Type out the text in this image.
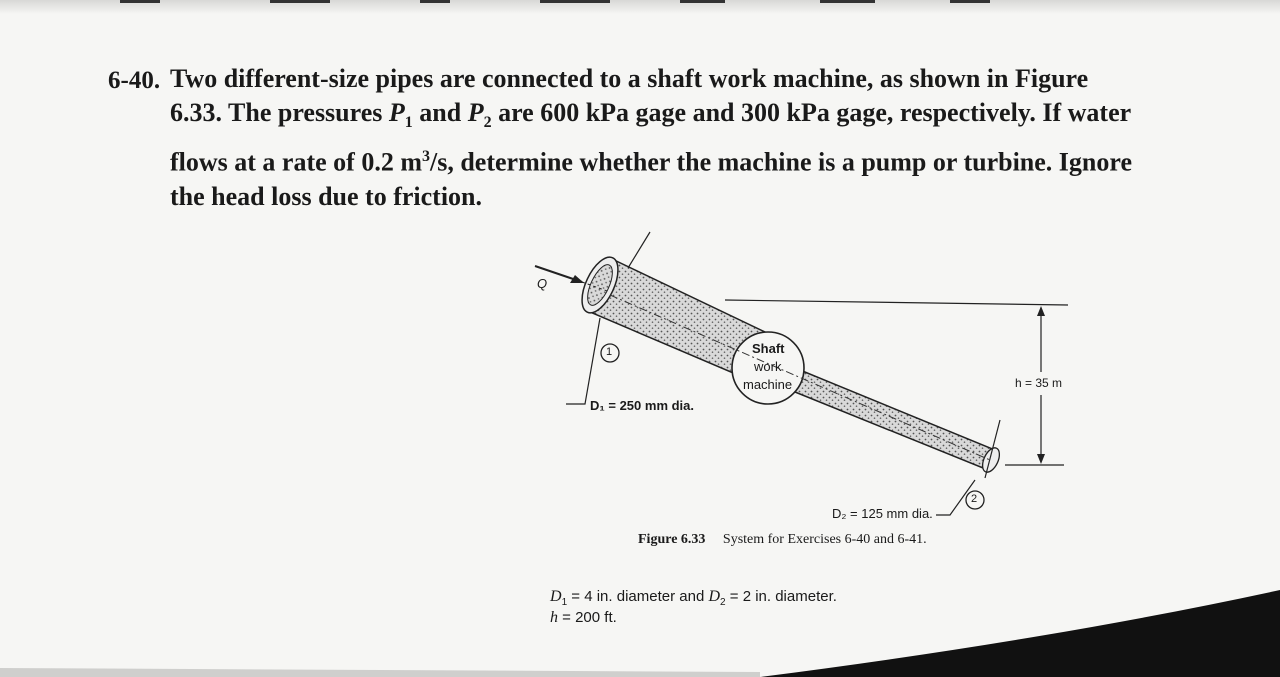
6-40. Two different-size pipes are connected to a shaft work machine, as shown in Figure
6.33. The pressures $P_1$ and $P_2$ are 600 kPa gage and 300 kPa gage, respectively. If water
flows at a rate of 0.2 $m^3/s$, determine whether the machine is a pump or turbine. Ignore
the head loss due to friction.
Q
1
2
D₁ = 250 mm dia.
D₂ = 125 mm dia.
Shaft
work
machine	h = 35 m
Figure 6.33 System for Exercises 6-40 and 6-41.
$D_1 = 4$ in. diameter and $D_2 = 2$ in. diameter.
h = 200 ft.
